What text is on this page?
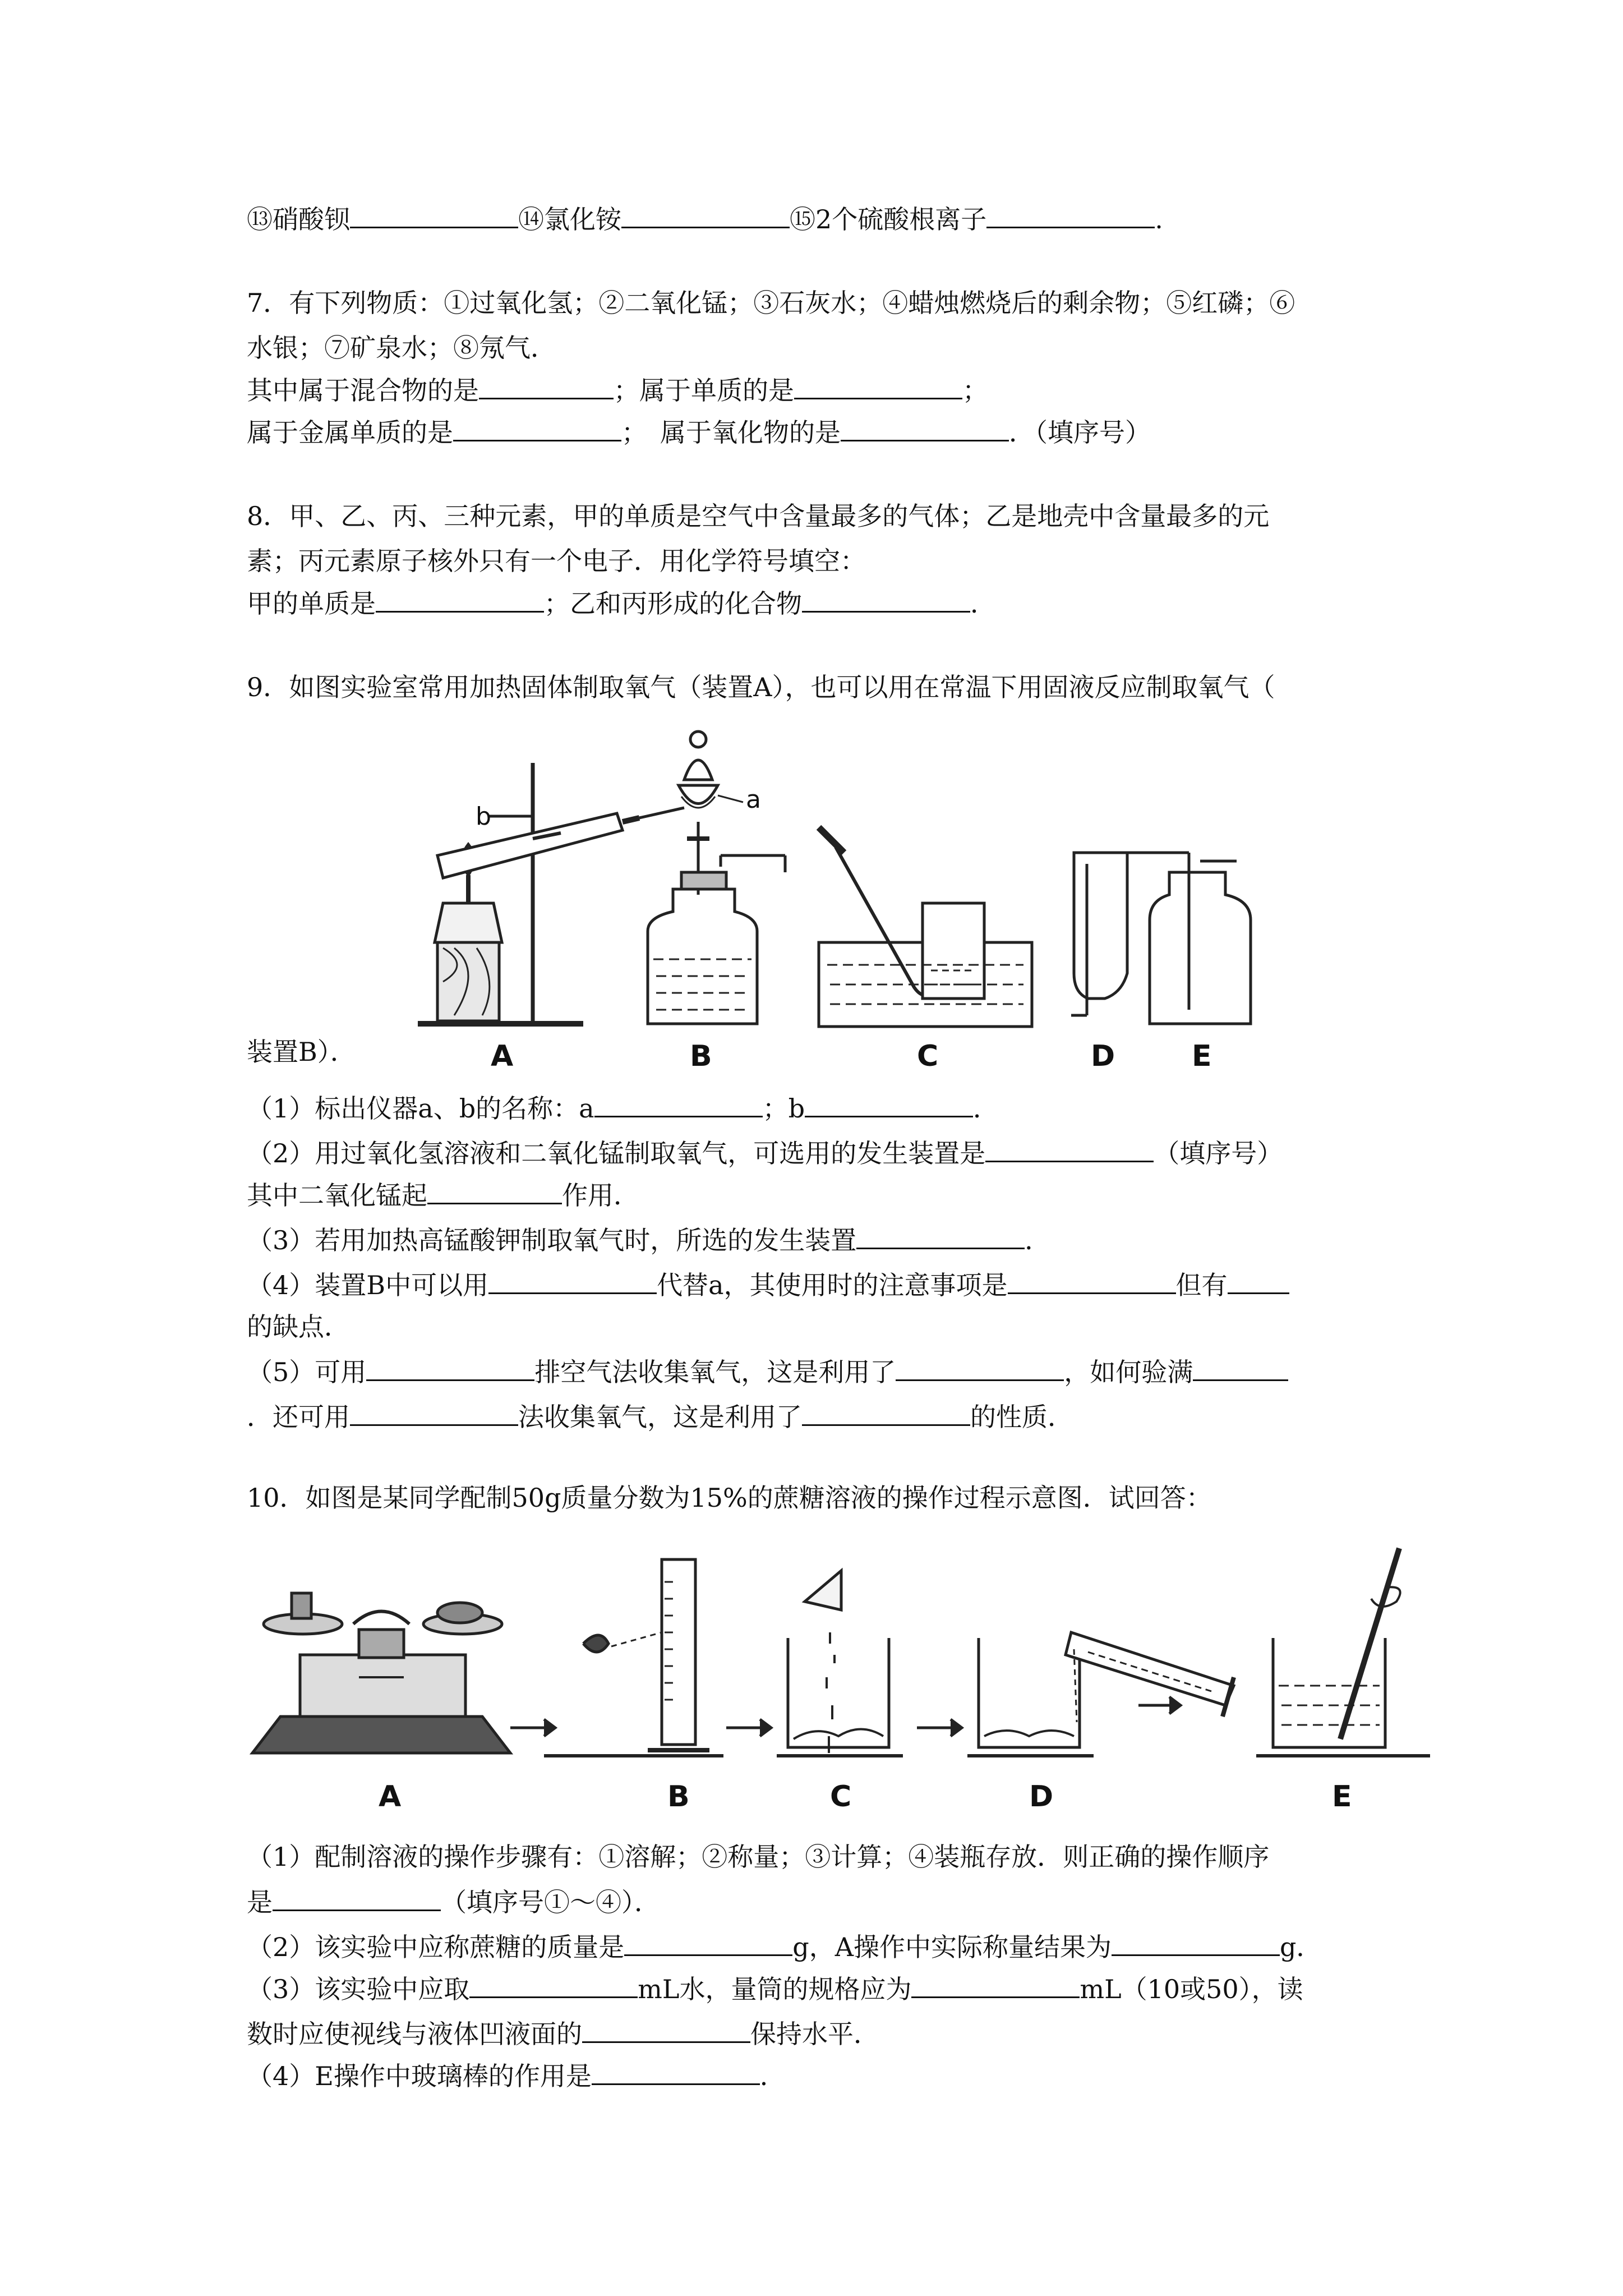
⑬硝酸钡	⑭氯化铵	⑮2个硫酸根离子	.
7．有下列物质：①过氧化氢；②二氧化锰；③石灰水；④蜡烛燃烧后的剩余物；⑤红磷；⑥
水银；⑦矿泉水；⑧氖气．
其中属于混合物的是	；属于单质的是	；
属于金属单质的是	；　属于氧化物的是	．（填序号）
8．甲、乙、丙、三种元素，甲的单质是空气中含量最多的气体；乙是地壳中含量最多的元
素；丙元素原子核外只有一个电子．用化学符号填空：
甲的单质是	；乙和丙形成的化合物	．
9．如图实验室常用加热固体制取氧气（装置A），也可以用在常温下用固液反应制取氧气（
b
a
A	B	C	D	E
装置B）．
（1）标出仪器a、b的名称：a	；b	．
（2）用过氧化氢溶液和二氧化锰制取氧气，可选用的发生装置是	（填序号）
其中二氧化锰起	作用．
（3）若用加热高锰酸钾制取氧气时，所选的发生装置	．
（4）装置B中可以用	代替a，其使用时的注意事项是	但有
的缺点．
（5）可用	排空气法收集氧气，这是利用了	，如何验满
．还可用	法收集氧气，这是利用了	的性质．
10．如图是某同学配制50g质量分数为15%的蔗糖溶液的操作过程示意图．试回答：
A	B	C	D	E
（1）配制溶液的操作步骤有：①溶解；②称量；③计算；④装瓶存放．则正确的操作顺序
是	（填序号①～④）．
（2）该实验中应称蔗糖的质量是	g，A操作中实际称量结果为	g．
（3）该实验中应取	mL水，量筒的规格应为	mL（10或50），读
数时应使视线与液体凹液面的	保持水平．
（4）E操作中玻璃棒的作用是	．
